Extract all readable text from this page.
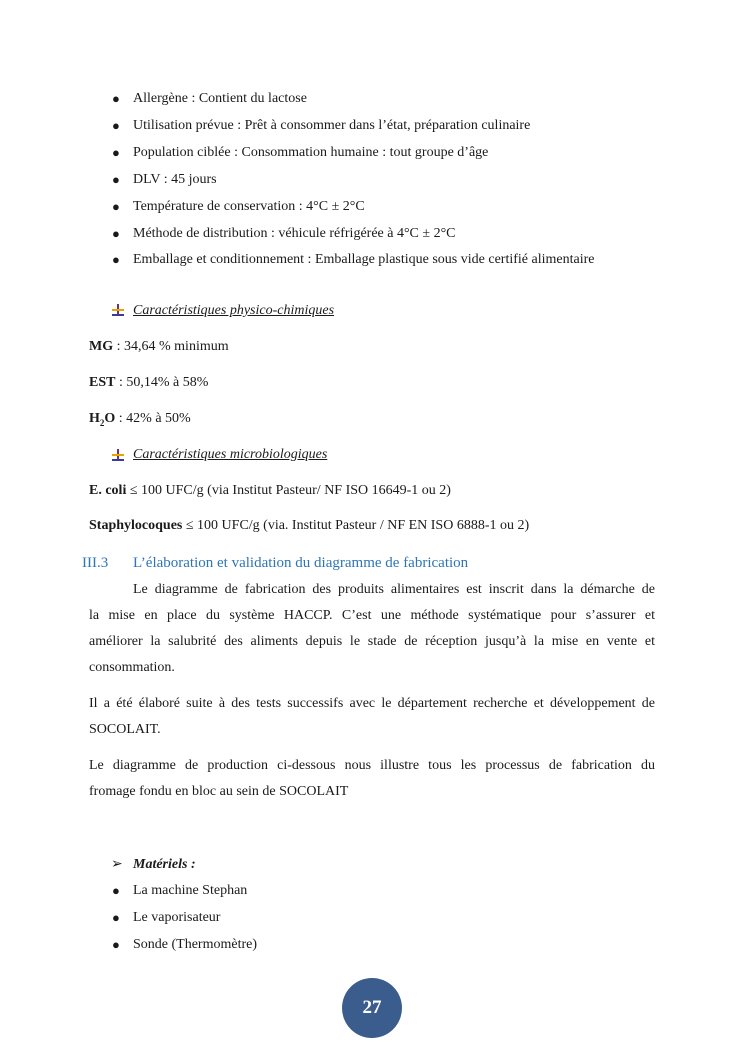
● Allergène : Contient du lactose
● Utilisation prévue : Prêt à consommer dans l’état, préparation culinaire
● Population ciblée : Consommation humaine : tout groupe d’âge
● DLV : 45 jours
● Température de conservation : 4°C ± 2°C
● Méthode de distribution : véhicule réfrigérée à 4°C ± 2°C
● Emballage et conditionnement : Emballage plastique sous vide certifié alimentaire
Caractéristiques physico-chimiques
MG : 34,64 % minimum
EST : 50,14% à 58%
$H_2O$ : 42% à 50%
Caractéristiques microbiologiques
E. coli ≤ 100 UFC/g (via Institut Pasteur/ NF ISO 16649-1 ou 2)
Staphylocoques ≤ 100 UFC/g (via. Institut Pasteur / NF EN ISO 6888-1 ou 2)
III.3 L’élaboration et validation du diagramme de fabrication
Le diagramme de fabrication des produits alimentaires est inscrit dans la démarche de
la mise en place du système HACCP. C’est une méthode systématique pour s’assurer et
améliorer la salubrité des aliments depuis le stade de réception jusqu’à la mise en vente et
consommation.
Il a été élaboré suite à des tests successifs avec le département recherche et développement de
SOCOLAIT.
Le diagramme de production ci-dessous nous illustre tous les processus de fabrication du
fromage fondu en bloc au sein de SOCOLAIT
➢ Matériels :
● La machine Stephan
● Le vaporisateur
● Sonde (Thermomètre)
27
